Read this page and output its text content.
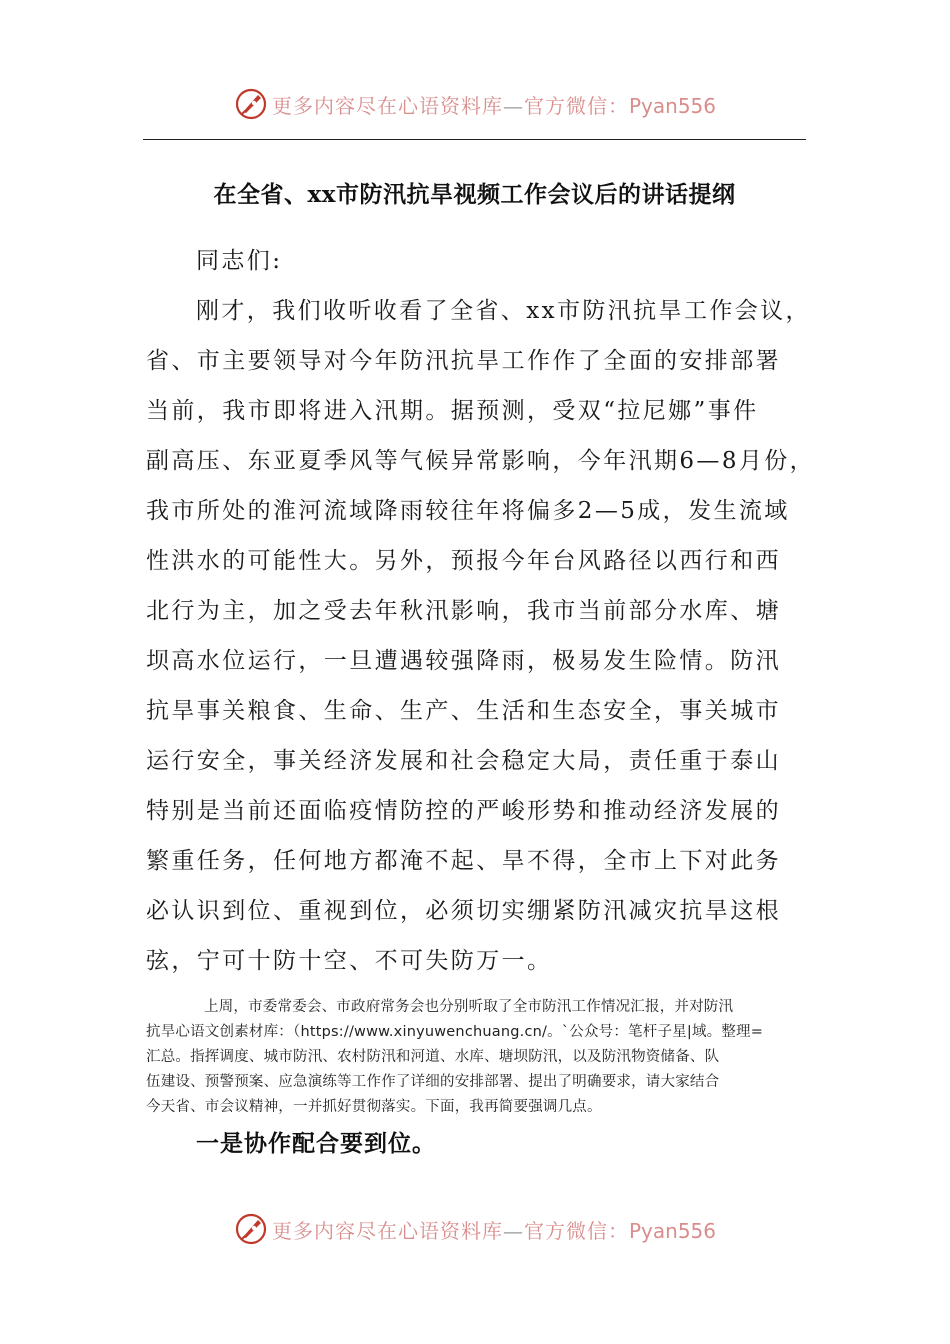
更多内容尽在心语资料库—官方微信：Pyan556
在全省、xx市防汛抗旱视频工作会议后的讲话提纲
同志们:
刚才，我们收听收看了全省、xx市防汛抗旱工作会议，
省、市主要领导对今年防汛抗旱工作作了全面的安排部署
当前，我市即将进入汛期。据预测，受双“拉尼娜”事件
副高压、东亚夏季风等气候异常影响，今年汛期6—8月份，
我市所处的淮河流域降雨较往年将偏多2—5成，发生流域
性洪水的可能性大。另外，预报今年台风路径以西行和西
北行为主，加之受去年秋汛影响，我市当前部分水库、塘
坝高水位运行，一旦遭遇较强降雨，极易发生险情。防汛
抗旱事关粮食、生命、生产、生活和生态安全，事关城市
运行安全，事关经济发展和社会稳定大局，责任重于泰山
特别是当前还面临疫情防控的严峻形势和推动经济发展的
繁重任务，任何地方都淹不起、旱不得，全市上下对此务
必认识到位、重视到位，必须切实绷紧防汛减灾抗旱这根
弦，宁可十防十空、不可失防万一。
上周，市委常委会、市政府常务会也分别听取了全市防汛工作情况汇报，并对防汛
抗旱心语文创素材库：（https://www.xinyuwenchuang.cn/。`公众号：笔杆子星|域。整理=
汇总。指挥调度、城市防汛、农村防汛和河道、水库、塘坝防汛，以及防汛物资储备、队
伍建设、预警预案、应急演练等工作作了详细的安排部署、提出了明确要求，请大家结合
今天省、市会议精神，一并抓好贯彻落实。下面，我再简要强调几点。
一是协作配合要到位。
更多内容尽在心语资料库—官方微信：Pyan556
